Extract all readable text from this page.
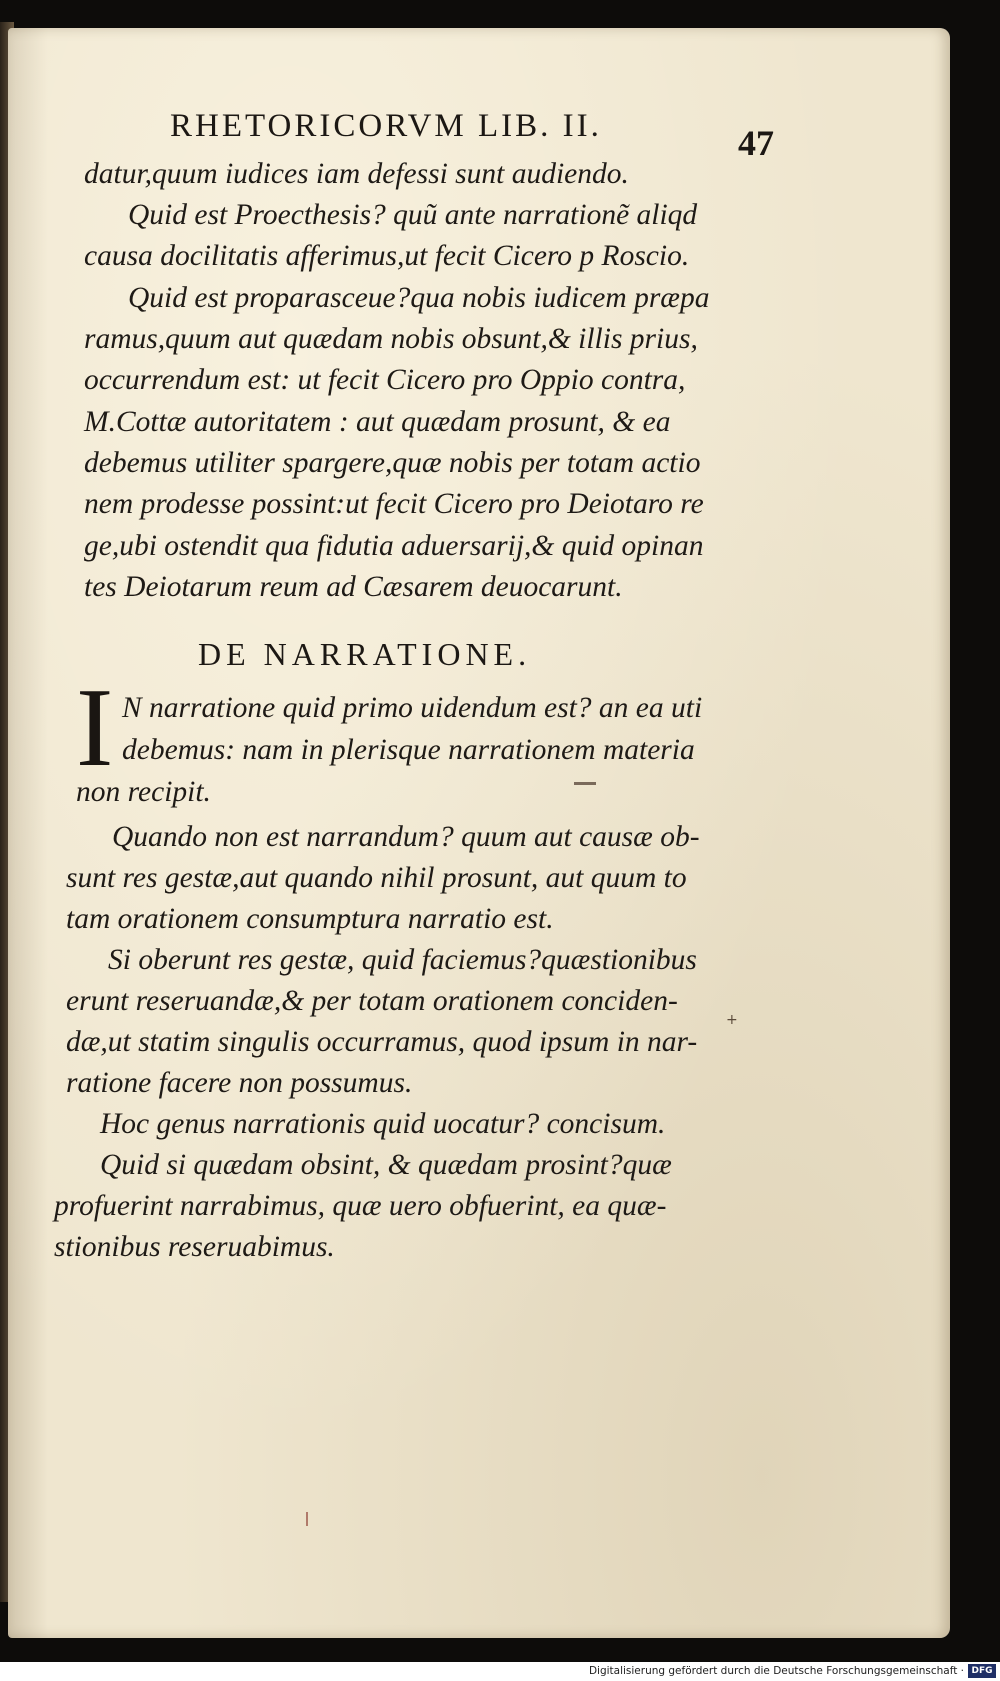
RHETORICORVM LIB. II.	47
datur,quum iudices iam defessi sunt audiendo.
Quid est Proecthesis? quũ ante narrationẽ aliqd
causa docilitatis afferimus,ut fecit Cicero p Roscio.
Quid est proparasceue?qua nobis iudicem præpa
ramus,quum aut quædam nobis obsunt,& illis prius,
occurrendum est: ut fecit Cicero pro Oppio contra,
M.Cottæ autoritatem : aut quædam prosunt, & ea
debemus utiliter spargere,quæ nobis per totam actio
nem prodesse possint:ut fecit Cicero pro Deiotaro re
ge,ubi ostendit qua fidutia aduersarij,& quid opinan
tes Deiotarum reum ad Cæsarem deuocarunt.
DE NARRATIONE.
I N narratione quid primo uidendum est? an ea uti
debemus: nam in plerisque narrationem materia
non recipit.
Quando non est narrandum? quum aut causæ ob-
sunt res gestæ,aut quando nihil prosunt, aut quum to
tam orationem consumptura narratio est.
Si oberunt res gestæ, quid faciemus?quæstionibus
erunt reseruandæ,& per totam orationem conciden-
dæ,ut statim singulis occurramus, quod ipsum in nar-
ratione facere non possumus.
Hoc genus narrationis quid uocatur? concisum.
Quid si quædam obsint, & quædam prosint?quæ
profuerint narrabimus, quæ uero obfuerint, ea quæ-
stionibus reseruabimus.
+
Digitalisierung gefördert durch die Deutsche Forschungsgemeinschaft · DFG
